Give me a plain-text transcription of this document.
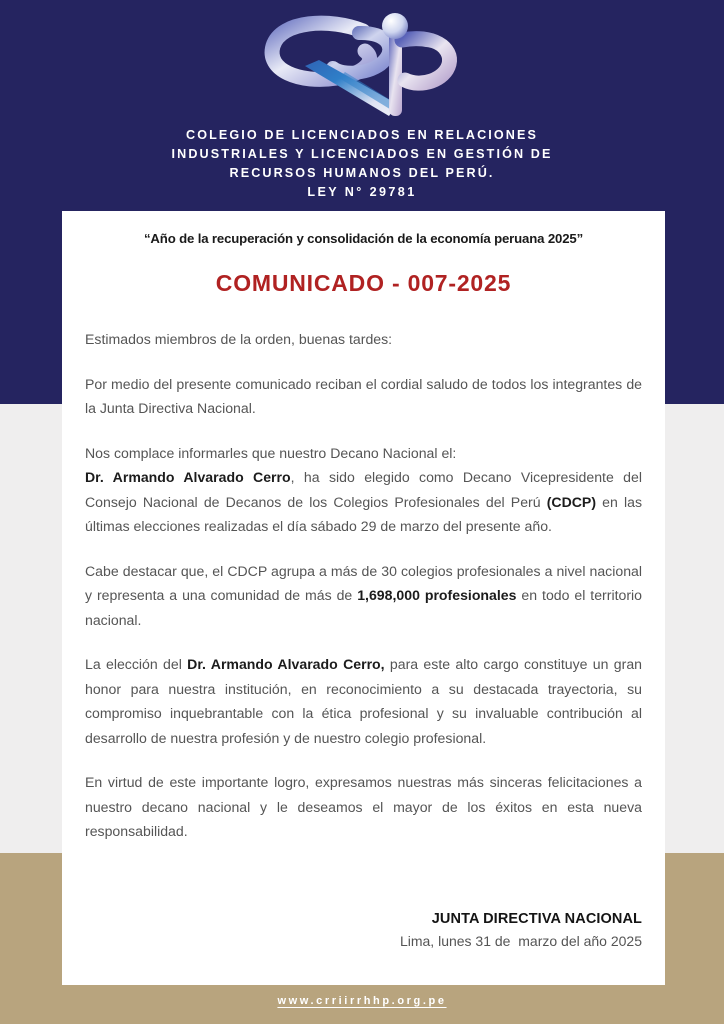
COLEGIO DE LICENCIADOS EN RELACIONES
INDUSTRIALES Y LICENCIADOS EN GESTIÓN DE
RECURSOS HUMANOS DEL PERÚ.
LEY N° 29781
“Año de la recuperación y consolidación de la economía peruana 2025”
COMUNICADO - 007-2025

Estimados miembros de la orden, buenas tardes:

Por medio del presente comunicado reciban el cordial saludo de todos los integrantes de la Junta Directiva Nacional.

Nos complace informarles que nuestro Decano Nacional el:
Dr. Armando Alvarado Cerro, ha sido elegido como Decano Vicepresidente del Consejo Nacional de Decanos de los Colegios Profesionales del Perú (CDCP) en las últimas elecciones realizadas el día sábado 29 de marzo del presente año.

Cabe destacar que, el CDCP agrupa a más de 30 colegios profesionales a nivel nacional y representa a una comunidad de más de 1,698,000 profesionales en todo el territorio nacional.

La elección del Dr. Armando Alvarado Cerro, para este alto cargo constituye un gran honor para nuestra institución, en reconocimiento a su destacada trayectoria, su compromiso inquebrantable con la ética profesional y su invaluable contribución al desarrollo de nuestra profesión y de nuestro colegio profesional.

En virtud de este importante logro, expresamos nuestras más sinceras felicitaciones a nuestro decano nacional y le deseamos el mayor de los éxitos en esta nueva responsabilidad.

JUNTA DIRECTIVA NACIONAL
Lima, lunes 31 de  marzo del año 2025
www.crriirrhhp.org.pe
